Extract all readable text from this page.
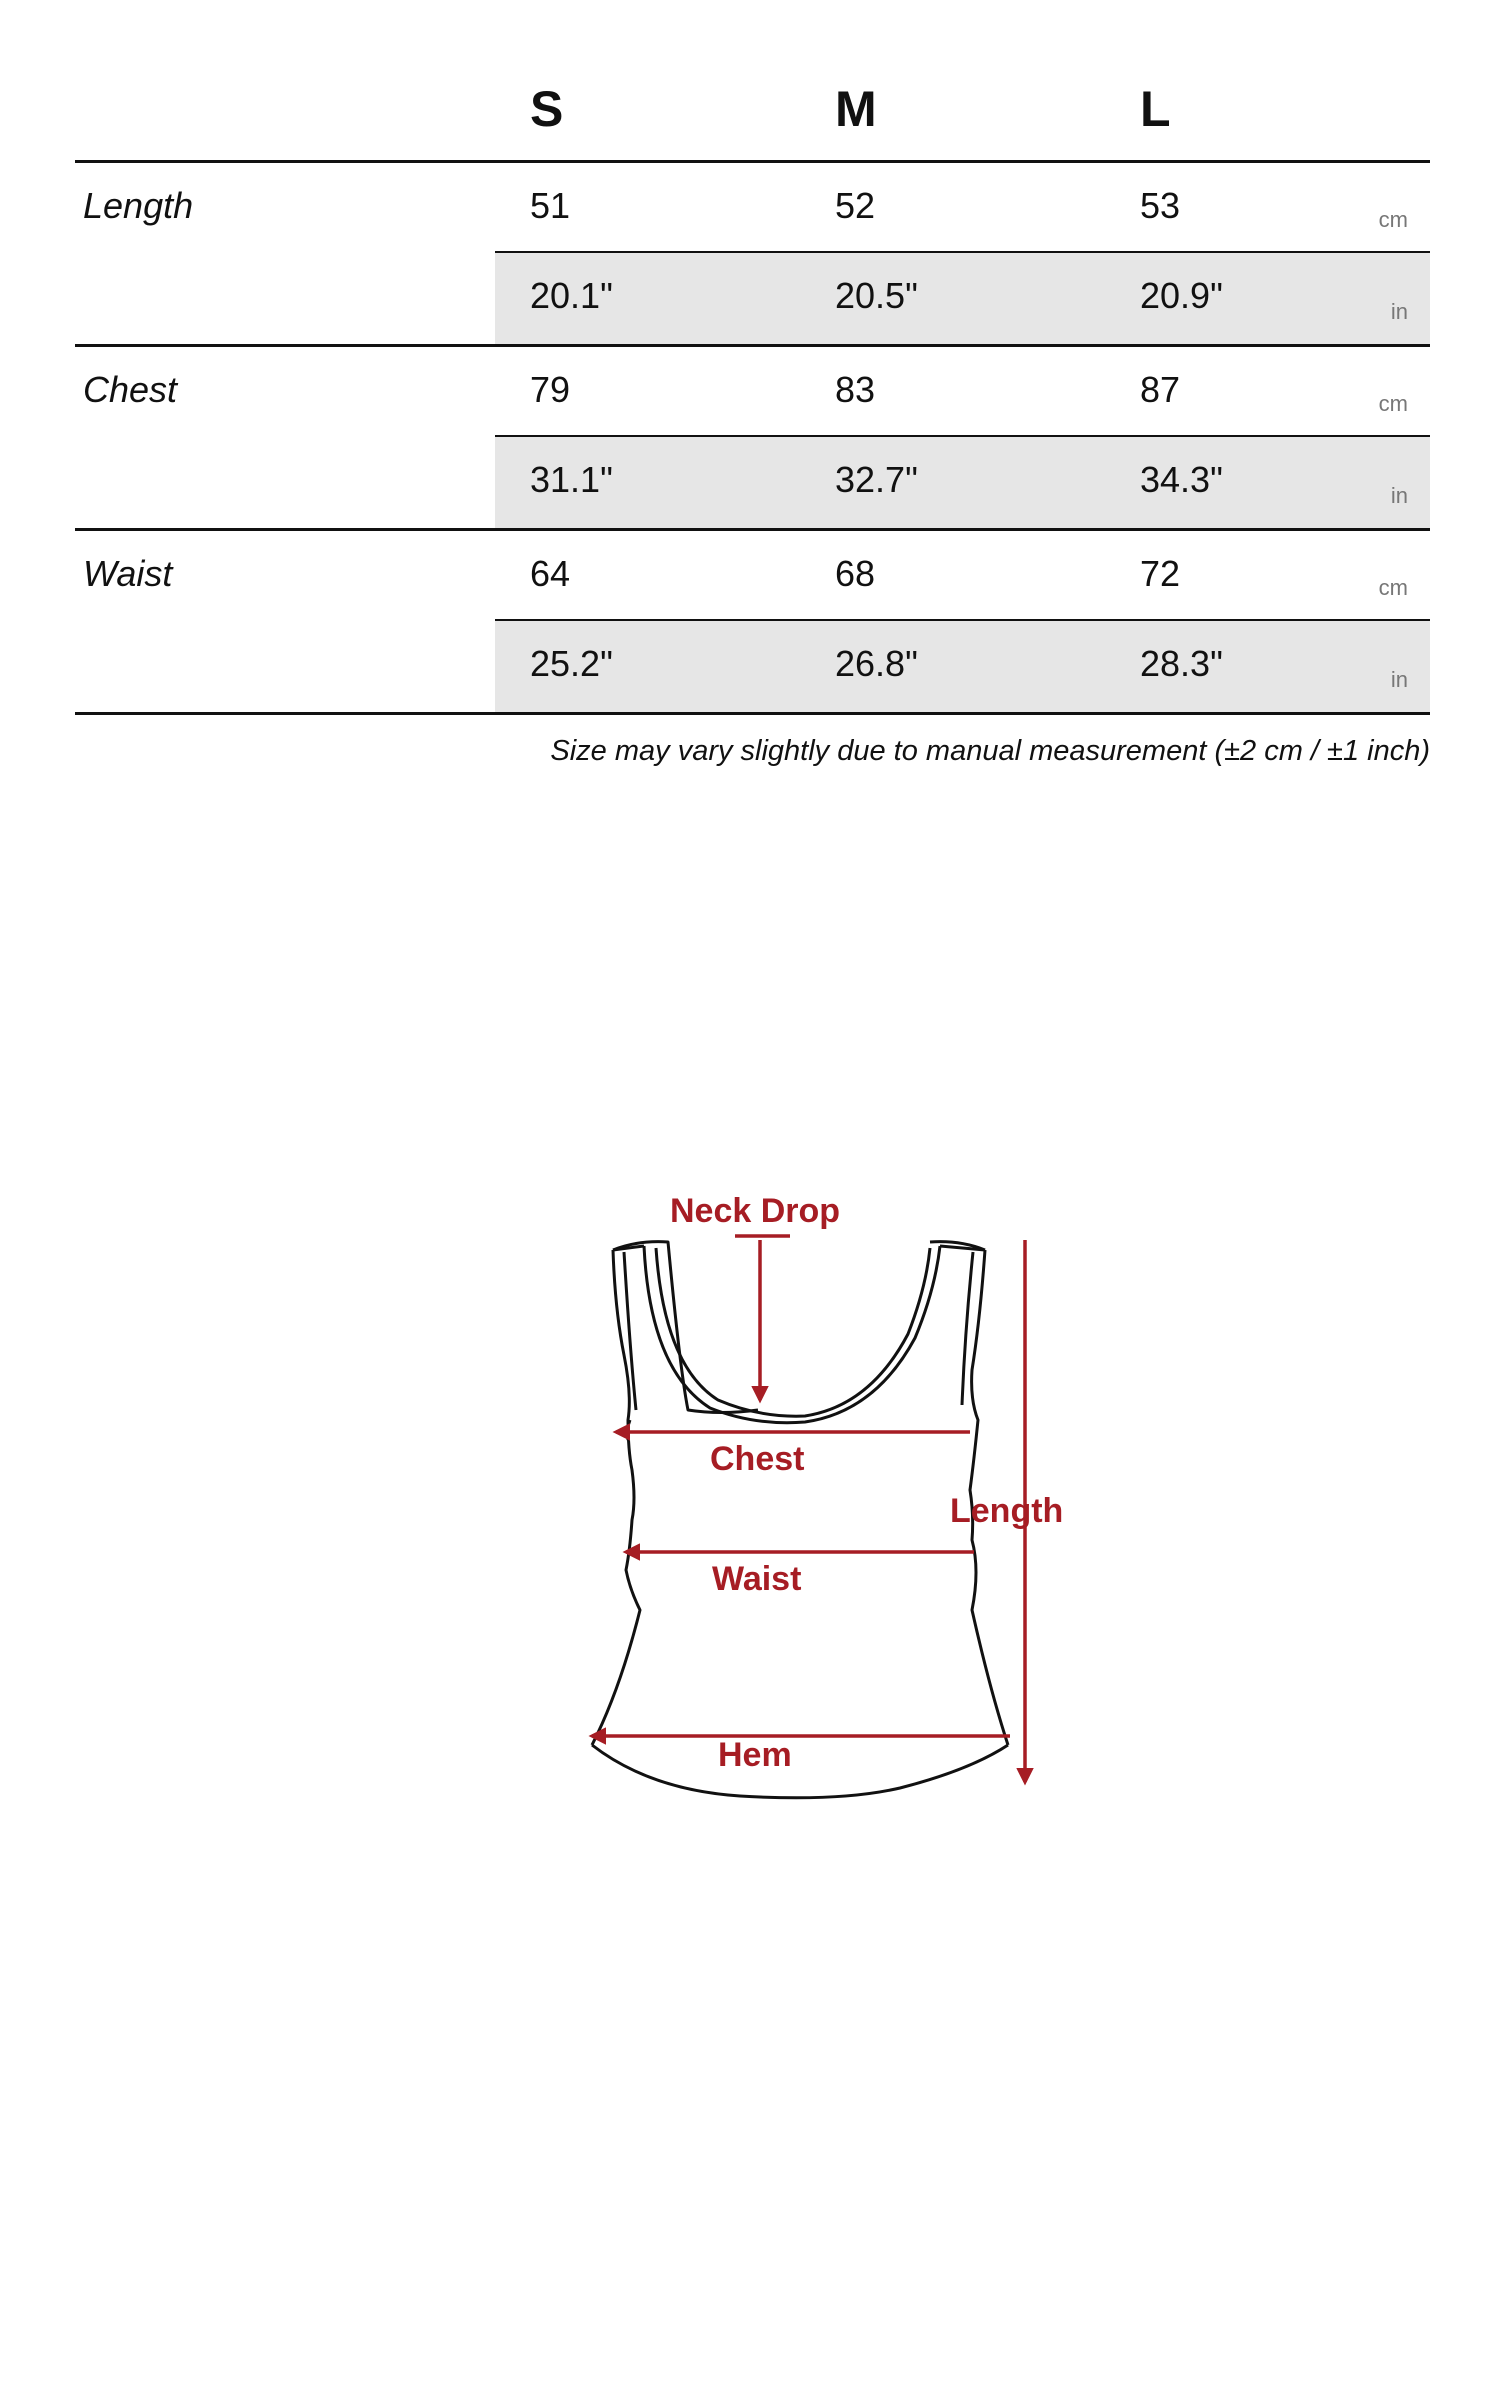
S	M	L
Length	51	52	53	cm
20.1"	20.5"	20.9"	in
Chest	79	83	87	cm
31.1"	32.7"	34.3"	in
Waist	64	68	72	cm
25.2"	26.8"	28.3"	in
Size may vary slightly due to manual measurement (±2 cm / ±1 inch)
Neck Drop
Chest
Waist
Hem
Length
